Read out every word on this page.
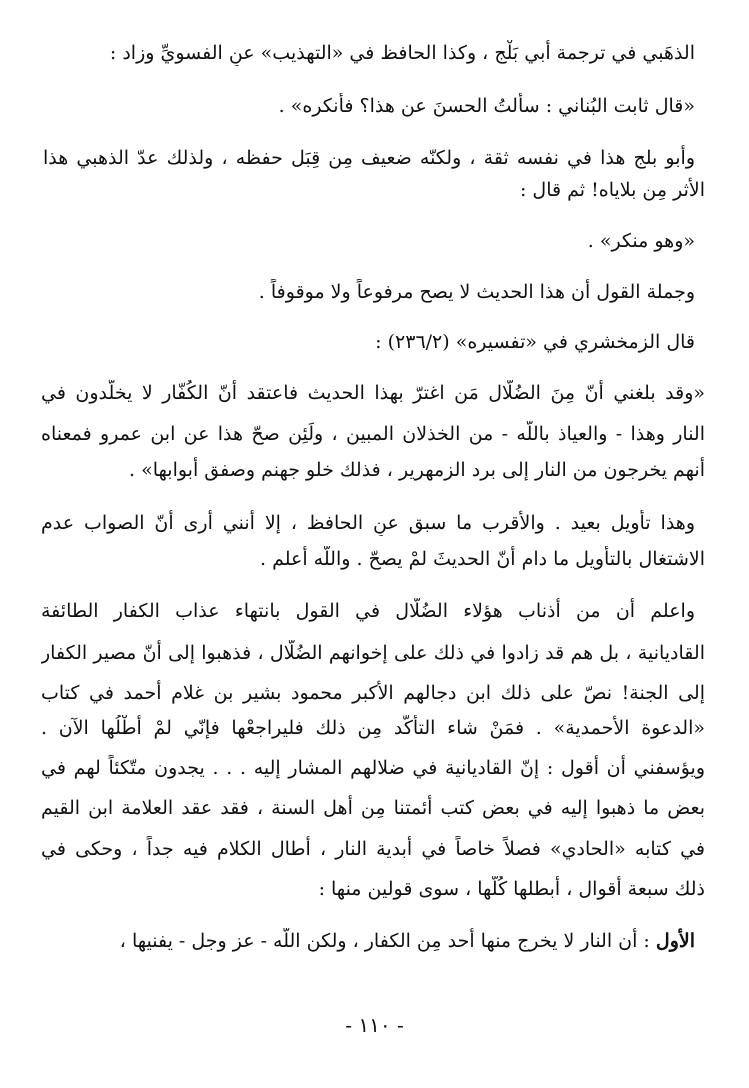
الذهَبي في ترجمة أبي بَلْج ، وكذا الحافظ في «التهذيب» عنِ الفسويِّ وزاد :
«قال ثابت البُناني : سألتُ الحسنَ عن هذا؟ فأنكره» .
وأبو بلج هذا في نفسه ثقة ، ولكنّه ضعيف مِن قِبَل حفظه ، ولذلك عدّ الذهبي هذا
الأثر مِن بلاياه! ثم قال :
«وهو منكر» .
وجملة القول أن هذا الحديث لا يصح مرفوعاً ولا موقوفاً .
قال الزمخشري في «تفسيره» (٢٣٦/٢) :
«وقد بلغني أنّ مِنَ الضُلّال مَن اغترّ بهذا الحديث فاعتقد أنّ الكُفّار لا يخلَّدون في
النار وهذا - والعياذ باللّه - من الخذلان المبين ، ولَئِن صحّ هذا عن ابن عمرو فمعناه
أنهم يخرجون من النار إلى برد الزمهرير ، فذلك خلو جهنم وصفق أبوابها» .
وهذا تأويل بعيد . والأقرب ما سبق عنِ الحافظ ، إلا أنني أرى أنّ الصواب عدم
الاشتغال بالتأويل ما دام أنّ الحديثَ لمْ يصحّ . واللّه أعلم .
واعلم أن من أذناب هؤلاء الضُلّال في القول بانتهاء عذاب الكفار الطائفة
القاديانية ، بل هم قد زادوا في ذلك على إخوانهم الضُلّال ، فذهبوا إلى أنّ مصير الكفار
إلى الجنة! نصّ على ذلك ابن دجالهم الأكبر محمود بشير بن غلام أحمد في كتاب
«الدعوة الأحمدية» . فمَنْ شاء التأكّد مِن ذلك فليراجعْها فإنّي لمْ أُطْلُها الآن .
ويؤسفني أن أقول : إنّ القاديانية في ضلالهم المشار إليه . . . يجدون متّكئاً لهم في
بعض ما ذهبوا إليه في بعض كتب أئمتنا مِن أهل السنة ، فقد عقد العلامة ابن القيم
في كتابه «الحادي» فصلاً خاصاً في أبدية النار ، أطال الكلام فيه جداً ، وحكى في
ذلك سبعة أقوال ، أبطلها كُلّها ، سوى قولين منها :
الأول : أن النار لا يخرج منها أحد مِن الكفار ، ولكن اللّه - عز وجل - يفنيها ،
- ١١٠ -
